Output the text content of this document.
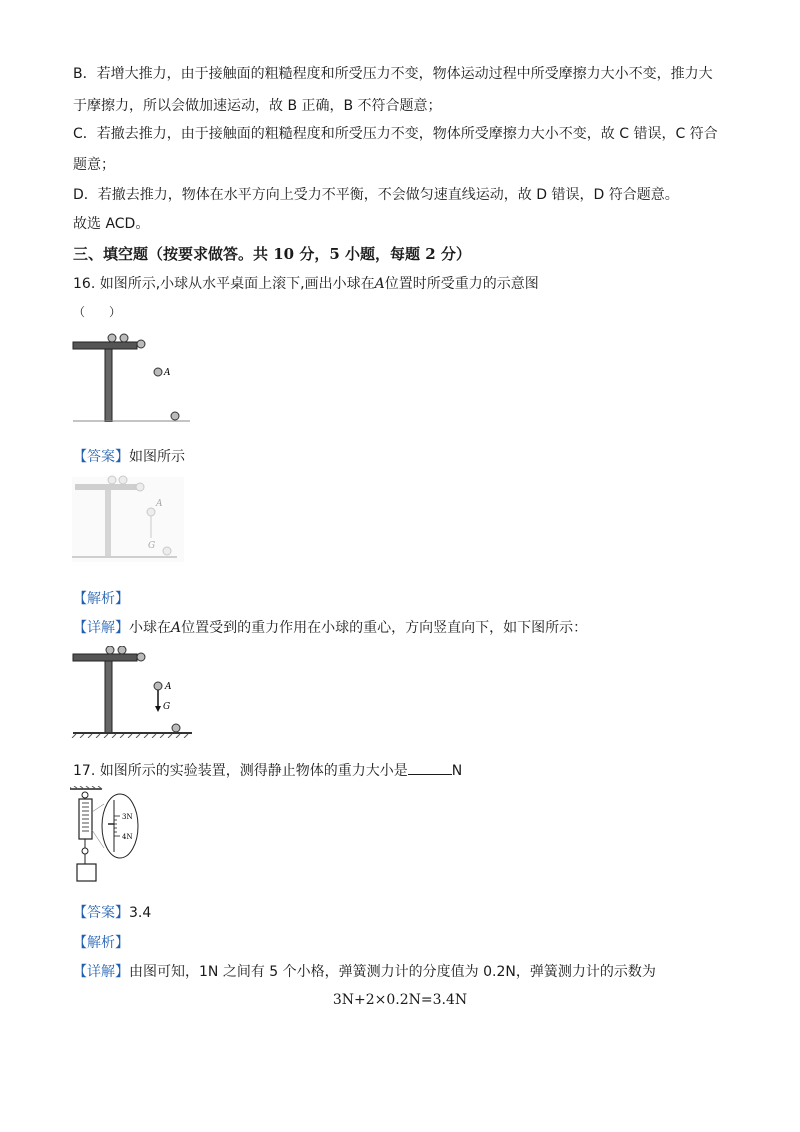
B．若增大推力，由于接触面的粗糙程度和所受压力不变，物体运动过程中所受摩擦力大小不变，推力大
于摩擦力，所以会做加速运动，故 B 正确，B 不符合题意；
C．若撤去推力，由于接触面的粗糙程度和所受压力不变，物体所受摩擦力大小不变，故 C 错误，C 符合
题意；
D．若撤去推力，物体在水平方向上受力不平衡，不会做匀速直线运动，故 D 错误，D 符合题意。
故选 ACD。
三、填空题（按要求做答。共 10 分，5 小题，每题 2 分）
16. 如图所示,小球从水平桌面上滚下,画出小球在A位置时所受重力的示意图
（　　）
A
【答案】如图所示
A
G
【解析】
【详解】小球在A位置受到的重力作用在小球的重心，方向竖直向下，如下图所示：
A
G
17. 如图所示的实验装置，测得静止物体的重力大小是	N
3N
4N
【答案】3.4
【解析】
【详解】由图可知，1N 之间有 5 个小格，弹簧测力计的分度值为 0.2N，弹簧测力计的示数为
3N+2×0.2N=3.4N
